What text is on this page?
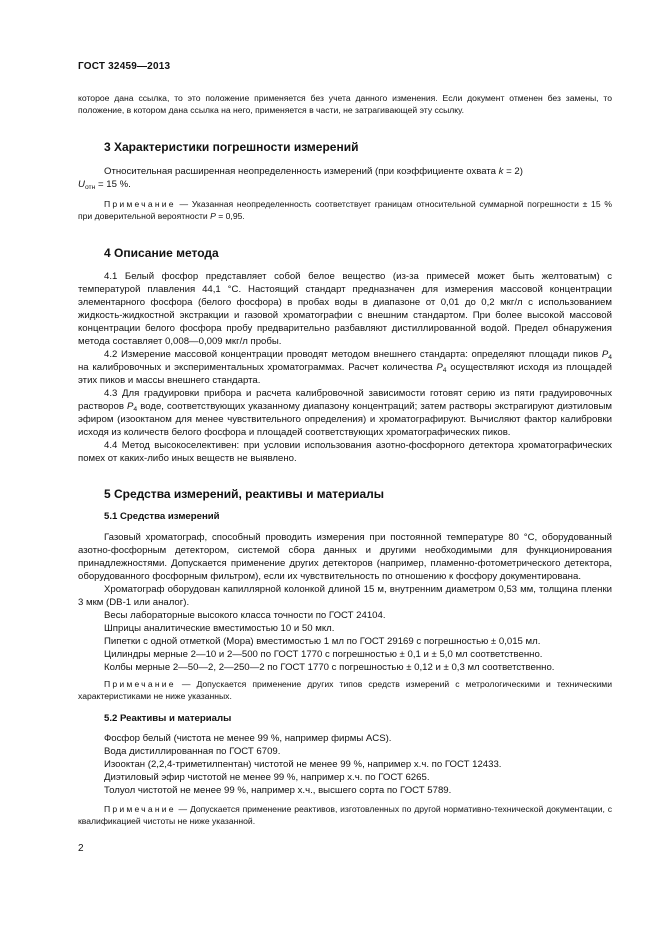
ГОСТ 32459—2013

которое дана ссылка, то это положение применяется без учета данного изменения. Если документ отменен без замены, то положение, в котором дана ссылка на него, применяется в части, не затрагивающей эту ссылку.

3 Характеристики погрешности измерений

Относительная расширенная неопределенность измерений (при коэффициенте охвата k = 2)
$U_{отн} = 15$ %.

Примечание — Указанная неопределенность соответствует границам относительной суммарной погрешности ± 15 % при доверительной вероятности P = 0,95.

4 Описание метода

4.1 Белый фосфор представляет собой белое вещество (из-за примесей может быть желтоватым) с температурой плавления 44,1 °С. Настоящий стандарт предназначен для измерения массовой концентрации элементарного фосфора (белого фосфора) в пробах воды в диапазоне от 0,01 до 0,2 мкг/л с использованием жидкость-жидкостной экстракции и газовой хроматографии с внешним стандартом. При более высокой массовой концентрации белого фосфора пробу предварительно разбавляют дистиллированной водой. Предел обнаружения метода составляет 0,008—0,009 мкг/л пробы.

4.2 Измерение массовой концентрации проводят методом внешнего стандарта: определяют площади пиков $P_4$ на калибровочных и экспериментальных хроматограммах. Расчет количества $P_4$ осуществляют исходя из площадей этих пиков и массы внешнего стандарта.

4.3 Для градуировки прибора и расчета калибровочной зависимости готовят серию из пяти градуировочных растворов $P_4$ воде, соответствующих указанному диапазону концентраций; затем растворы экстрагируют диэтиловым эфиром (изооктаном для менее чувствительного определения) и хроматографируют. Вычисляют фактор калибровки исходя из количеств белого фосфора и площадей соответствующих хроматографических пиков.

4.4 Метод высокоселективен: при условии использования азотно-фосфорного детектора хроматографических помех от каких-либо иных веществ не выявлено.

5 Средства измерений, реактивы и материалы
5.1 Средства измерений

Газовый хроматограф, способный проводить измерения при постоянной температуре 80 °С, оборудованный азотно-фосфорным детектором, системой сбора данных и другими необходимыми для функционирования принадлежностями. Допускается применение других детекторов (например, пламенно-фотометрического детектора, оборудованного фосфорным фильтром), если их чувствительность по отношению к фосфору документирована.

Хроматограф оборудован капиллярной колонкой длиной 15 м, внутренним диаметром 0,53 мм, толщина пленки 3 мкм (DB-1 или аналог).

Весы лабораторные высокого класса точности по ГОСТ 24104.

Шприцы аналитические вместимостью 10 и 50 мкл.

Пипетки с одной отметкой (Мора) вместимостью 1 мл по ГОСТ 29169 с погрешностью ± 0,015 мл.

Цилиндры мерные 2—10 и 2—500 по ГОСТ 1770 с погрешностью ± 0,1 и ± 5,0 мл соответственно.

Колбы мерные 2—50—2, 2—250—2 по ГОСТ 1770 с погрешностью ± 0,12 и ± 0,3 мл соответственно.

Примечание — Допускается применение других типов средств измерений с метрологическими и техническими характеристиками не ниже указанных.

5.2 Реактивы и материалы

Фосфор белый (чистота не менее 99 %, например фирмы ACS).

Вода дистиллированная по ГОСТ 6709.

Изооктан (2,2,4-триметилпентан) чистотой не менее 99 %, например х.ч. по ГОСТ 12433.

Диэтиловый эфир чистотой не менее 99 %, например х.ч. по ГОСТ 6265.

Толуол чистотой не менее 99 %, например х.ч., высшего сорта по ГОСТ 5789.

Примечание — Допускается применение реактивов, изготовленных по другой нормативно-технической документации, с квалификацией чистоты не ниже указанной.

2
